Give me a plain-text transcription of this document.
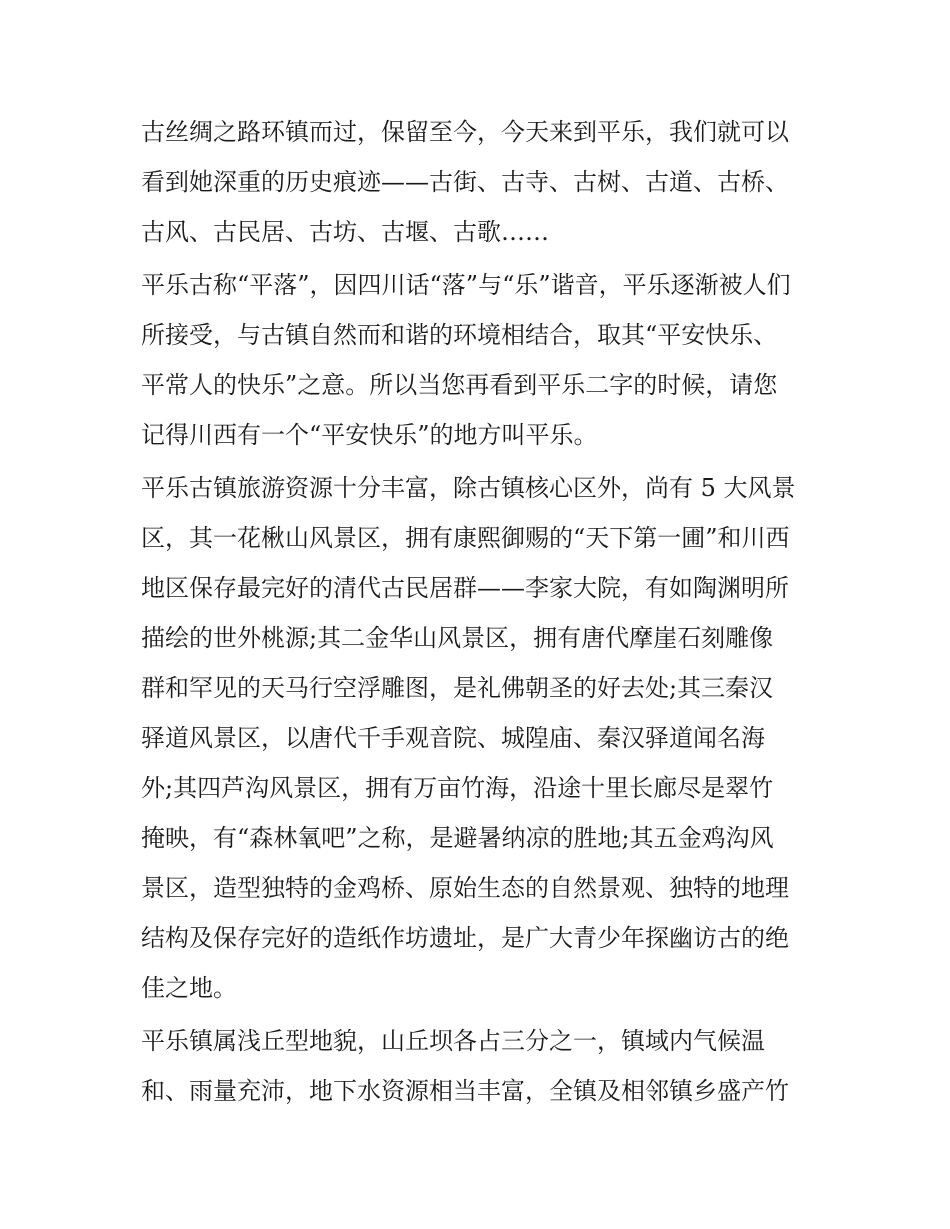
古丝绸之路环镇而过，保留至今，今天来到平乐，我们就可以
看到她深重的历史痕迹——古街、古寺、古树、古道、古桥、
古风、古民居、古坊、古堰、古歌……
平乐古称“平落”，因四川话“落”与“乐”谐音，平乐逐渐被人们
所接受，与古镇自然而和谐的环境相结合，取其“平安快乐、
平常人的快乐”之意。所以当您再看到平乐二字的时候，请您
记得川西有一个“平安快乐”的地方叫平乐。
平乐古镇旅游资源十分丰富，除古镇核心区外，尚有 5 大风景
区，其一花楸山风景区，拥有康熙御赐的“天下第一圃”和川西
地区保存最完好的清代古民居群——李家大院，有如陶渊明所
描绘的世外桃源;其二金华山风景区，拥有唐代摩崖石刻雕像
群和罕见的天马行空浮雕图，是礼佛朝圣的好去处;其三秦汉
驿道风景区，以唐代千手观音院、城隍庙、秦汉驿道闻名海
外;其四芦沟风景区，拥有万亩竹海，沿途十里长廊尽是翠竹
掩映，有“森林氧吧”之称，是避暑纳凉的胜地;其五金鸡沟风
景区，造型独特的金鸡桥、原始生态的自然景观、独特的地理
结构及保存完好的造纸作坊遗址，是广大青少年探幽访古的绝
佳之地。
平乐镇属浅丘型地貌，山丘坝各占三分之一，镇域内气候温
和、雨量充沛，地下水资源相当丰富，全镇及相邻镇乡盛产竹
